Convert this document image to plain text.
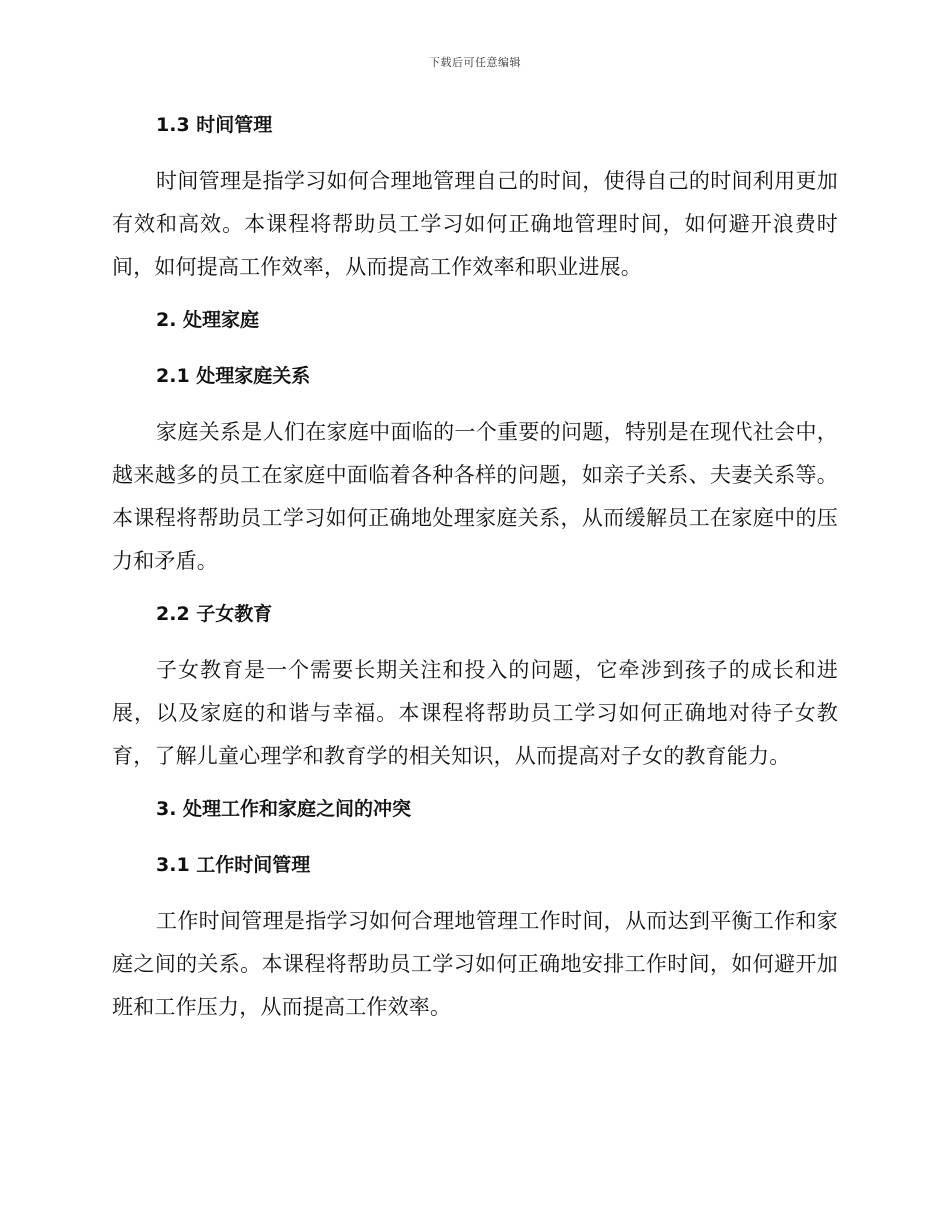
下载后可任意编辑
1.3 时间管理

时间管理是指学习如何合理地管理自己的时间，使得自己的时间利用更加有效和高效。本课程将帮助员工学习如何正确地管理时间，如何避开浪费时间，如何提高工作效率，从而提高工作效率和职业进展。

2. 处理家庭
2.1 处理家庭关系

家庭关系是人们在家庭中面临的一个重要的问题，特别是在现代社会中，越来越多的员工在家庭中面临着各种各样的问题，如亲子关系、夫妻关系等。本课程将帮助员工学习如何正确地处理家庭关系，从而缓解员工在家庭中的压力和矛盾。

2.2 子女教育

子女教育是一个需要长期关注和投入的问题，它牵涉到孩子的成长和进展，以及家庭的和谐与幸福。本课程将帮助员工学习如何正确地对待子女教育，了解儿童心理学和教育学的相关知识，从而提高对子女的教育能力。

3. 处理工作和家庭之间的冲突
3.1 工作时间管理

工作时间管理是指学习如何合理地管理工作时间，从而达到平衡工作和家庭之间的关系。本课程将帮助员工学习如何正确地安排工作时间，如何避开加班和工作压力，从而提高工作效率。
